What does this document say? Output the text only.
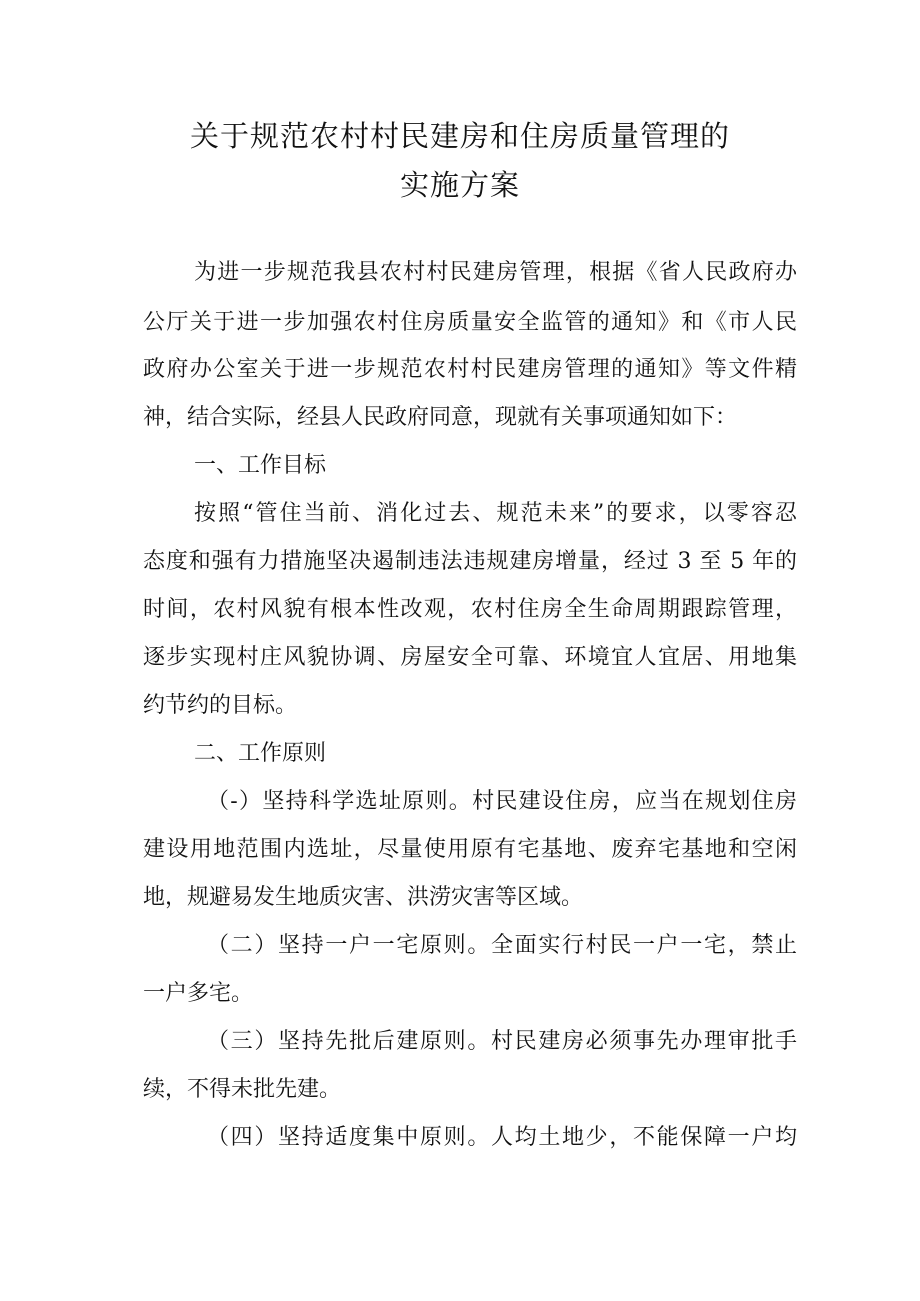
关于规范农村村民建房和住房质量管理的
实施方案
为进一步规范我县农村村民建房管理，根据《省人民政府办
公厅关于进一步加强农村住房质量安全监管的通知》和《市人民
政府办公室关于进一步规范农村村民建房管理的通知》等文件精
神，结合实际，经县人民政府同意，现就有关事项通知如下：
一、工作目标
按照“管住当前、消化过去、规范未来”的要求，以零容忍
态度和强有力措施坚决遏制违法违规建房增量，经过 3 至 5 年的
时间，农村风貌有根本性改观，农村住房全生命周期跟踪管理，
逐步实现村庄风貌协调、房屋安全可靠、环境宜人宜居、用地集
约节约的目标。
二、工作原则
（-）坚持科学选址原则。村民建设住房，应当在规划住房
建设用地范围内选址，尽量使用原有宅基地、废弃宅基地和空闲
地，规避易发生地质灾害、洪涝灾害等区域。
（二）坚持一户一宅原则。全面实行村民一户一宅，禁止
一户多宅。
（三）坚持先批后建原则。村民建房必须事先办理审批手
续，不得未批先建。
（四）坚持适度集中原则。人均土地少，不能保障一户均
